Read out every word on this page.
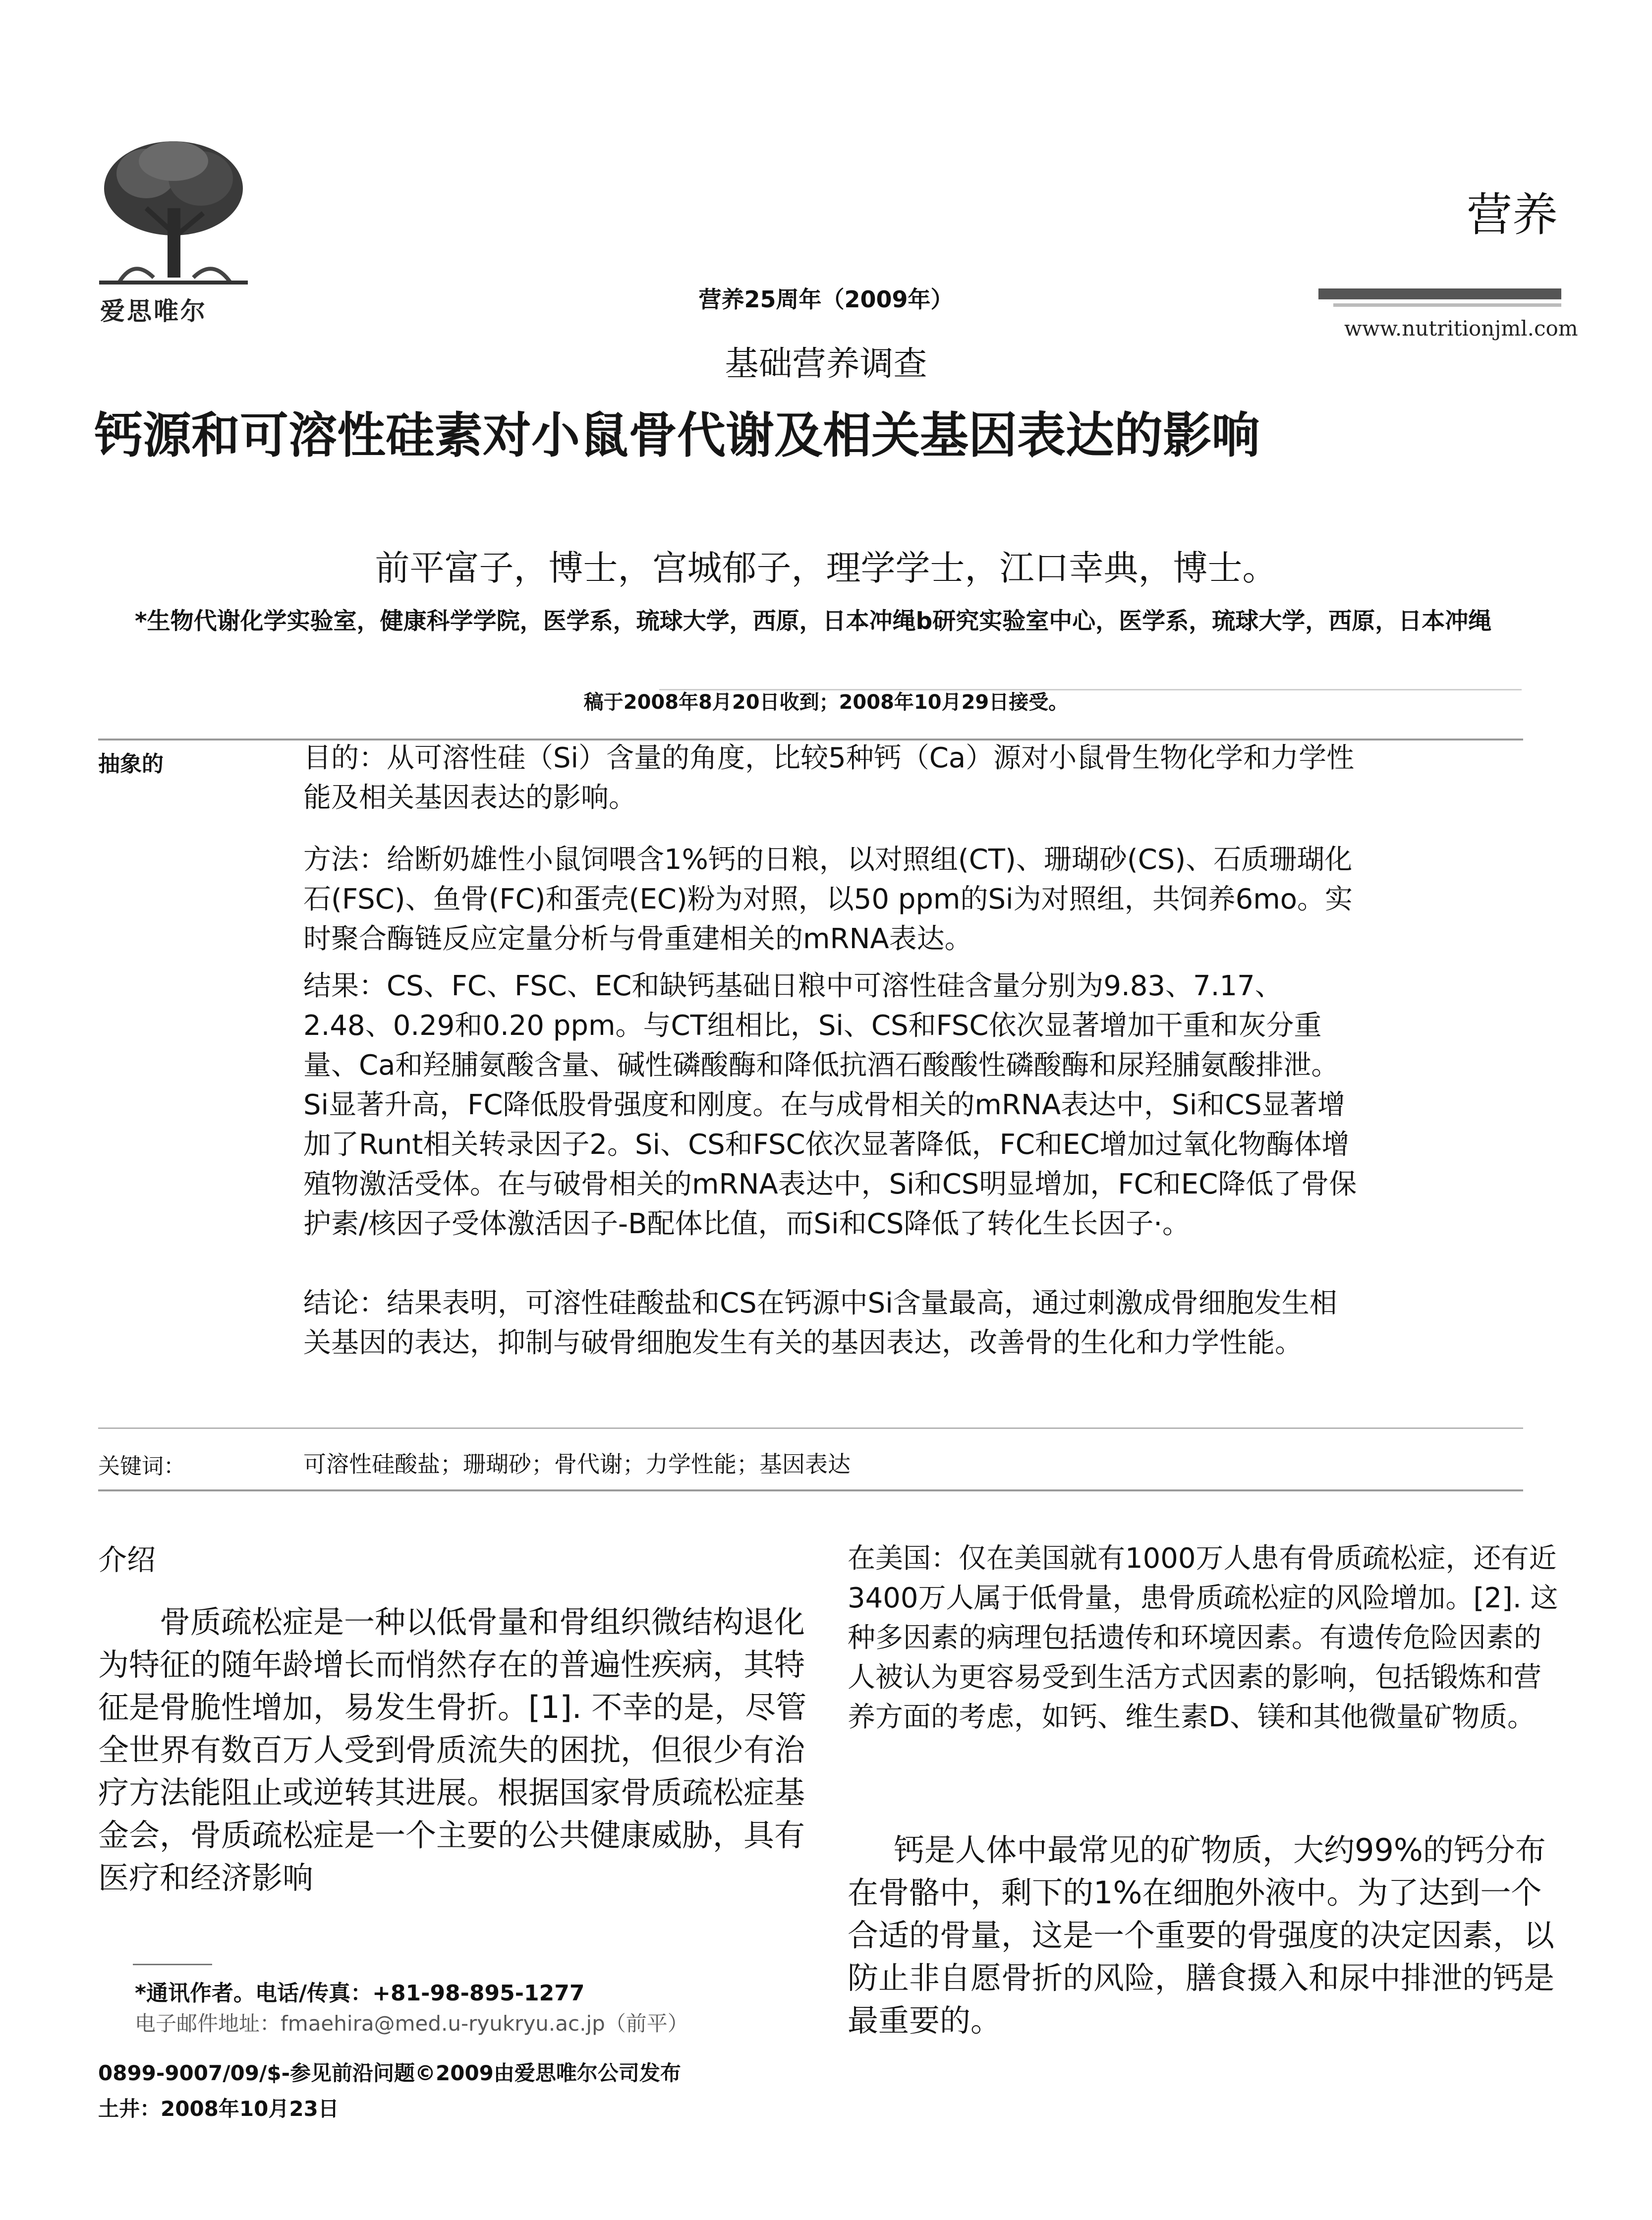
爱思唯尔
营养
www.nutritionjml.com
营养25周年（2009年）
基础营养调查
钙源和可溶性硅素对小鼠骨代谢及相关基因表达的影响
前平富子，博士，宫城郁子，理学学士，江口幸典，博士。
*生物代谢化学实验室，健康科学学院，医学系，琉球大学，西原，日本冲绳b研究实验室中心，医学系，琉球大学，西原，日本冲绳
稿于2008年8月20日收到；2008年10月29日接受。
抽象的	目的：从可溶性硅（Si）含量的角度，比较5种钙（Ca）源对小鼠骨生物化学和力学性能及相关基因表达的影响。
方法：给断奶雄性小鼠饲喂含1%钙的日粮，以对照组(CT)、珊瑚砂(CS)、石质珊瑚化石(FSC)、鱼骨(FC)和蛋壳(EC)粉为对照，以50 ppm的Si为对照组，共饲养6mo。实时聚合酶链反应定量分析与骨重建相关的mRNA表达。
结果：CS、FC、FSC、EC和缺钙基础日粮中可溶性硅含量分别为9.83、7.17、2.48、0.29和0.20 ppm。与CT组相比，Si、CS和FSC依次显著增加干重和灰分重量、Ca和羟脯氨酸含量、碱性磷酸酶和降低抗酒石酸酸性磷酸酶和尿羟脯氨酸排泄。Si显著升高，FC降低股骨强度和刚度。在与成骨相关的mRNA表达中，Si和CS显著增加了Runt相关转录因子2。Si、CS和FSC依次显著降低，FC和EC增加过氧化物酶体增殖物激活受体。在与破骨相关的mRNA表达中，Si和CS明显增加，FC和EC降低了骨保护素/核因子受体激活因子-B配体比值，而Si和CS降低了转化生长因子·。
结论：结果表明，可溶性硅酸盐和CS在钙源中Si含量最高，通过刺激成骨细胞发生相关基因的表达，抑制与破骨细胞发生有关的基因表达，改善骨的生化和力学性能。
关键词：	可溶性硅酸盐；珊瑚砂；骨代谢；力学性能；基因表达
介绍
骨质疏松症是一种以低骨量和骨组织微结构退化为特征的随年龄增长而悄然存在的普遍性疾病，其特征是骨脆性增加，易发生骨折。[1]. 不幸的是，尽管全世界有数百万人受到骨质流失的困扰，但很少有治疗方法能阻止或逆转其进展。根据国家骨质疏松症基金会，骨质疏松症是一个主要的公共健康威胁，具有医疗和经济影响
在美国：仅在美国就有1000万人患有骨质疏松症，还有近3400万人属于低骨量，患骨质疏松症的风险增加。[2]. 这种多因素的病理包括遗传和环境因素。有遗传危险因素的人被认为更容易受到生活方式因素的影响，包括锻炼和营养方面的考虑，如钙、维生素D、镁和其他微量矿物质。
钙是人体中最常见的矿物质，大约99%的钙分布在骨骼中，剩下的1%在细胞外液中。为了达到一个合适的骨量，这是一个重要的骨强度的决定因素，以防止非自愿骨折的风险，膳食摄入和尿中排泄的钙是最重要的。
*通讯作者。电话/传真：+81-98-895-1277
电子邮件地址：fmaehira@med.u-ryukryu.ac.jp（前平）
0899-9007/09/$-参见前沿问题©2009由爱思唯尔公司发布
土井：2008年10月23日
